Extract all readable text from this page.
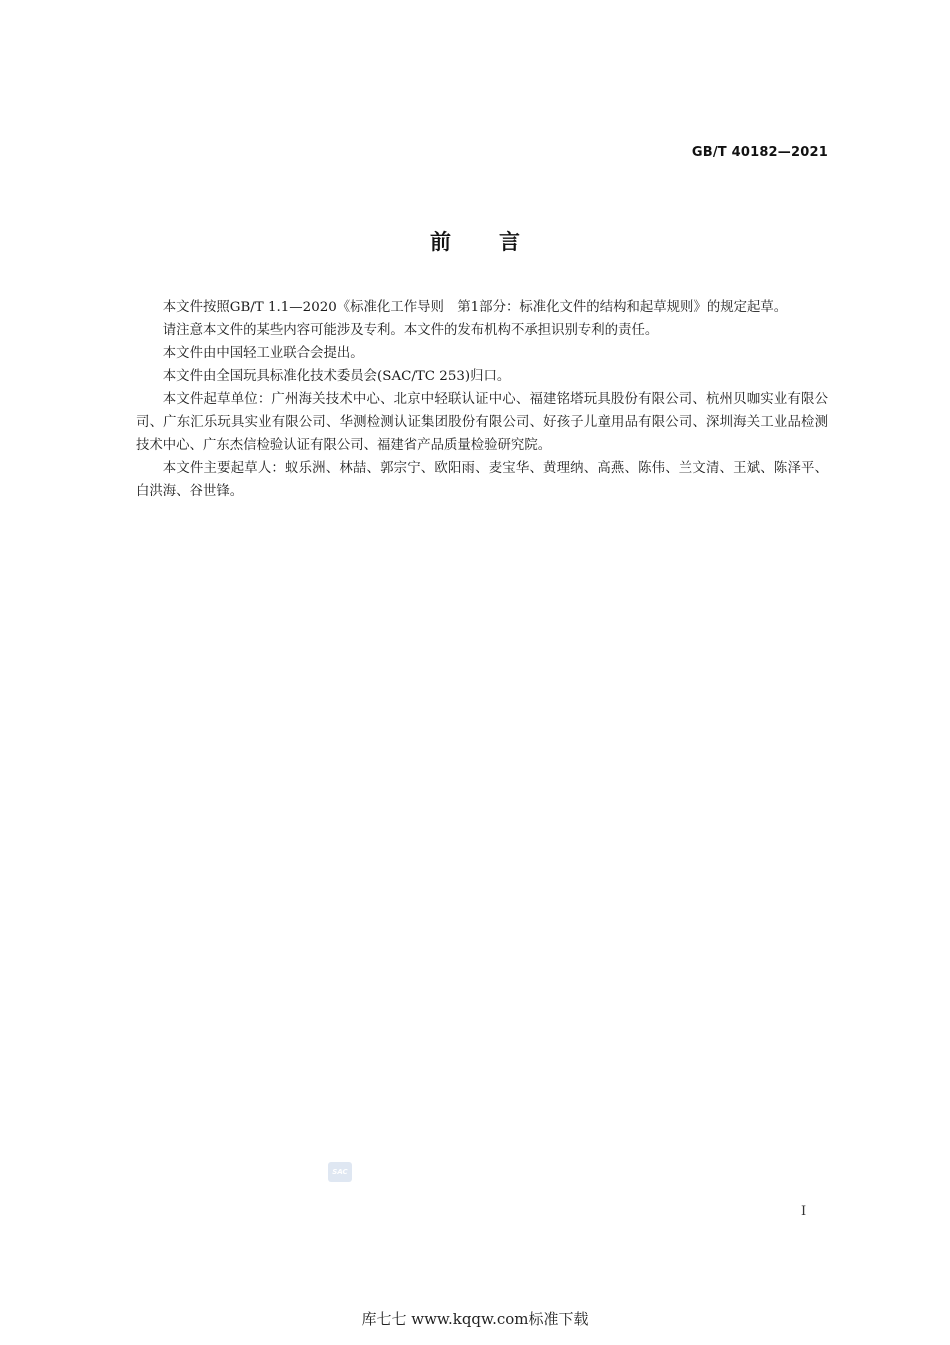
GB/T 40182—2021
前言

本文件按照GB/T 1.1—2020《标准化工作导则　第1部分：标准化文件的结构和起草规则》的规定起草。

请注意本文件的某些内容可能涉及专利。本文件的发布机构不承担识别专利的责任。

本文件由中国轻工业联合会提出。

本文件由全国玩具标准化技术委员会(SAC/TC 253)归口。

本文件起草单位：广州海关技术中心、北京中轻联认证中心、福建铭塔玩具股份有限公司、杭州贝咖实业有限公司、广东汇乐玩具实业有限公司、华测检测认证集团股份有限公司、好孩子儿童用品有限公司、深圳海关工业品检测技术中心、广东杰信检验认证有限公司、福建省产品质量检验研究院。

本文件主要起草人：蚁乐洲、林喆、郭宗宁、欧阳雨、麦宝华、黄理纳、高燕、陈伟、兰文清、王斌、陈泽平、白洪海、谷世锋。

SAC
I
库七七 www.kqqw.com标准下载
